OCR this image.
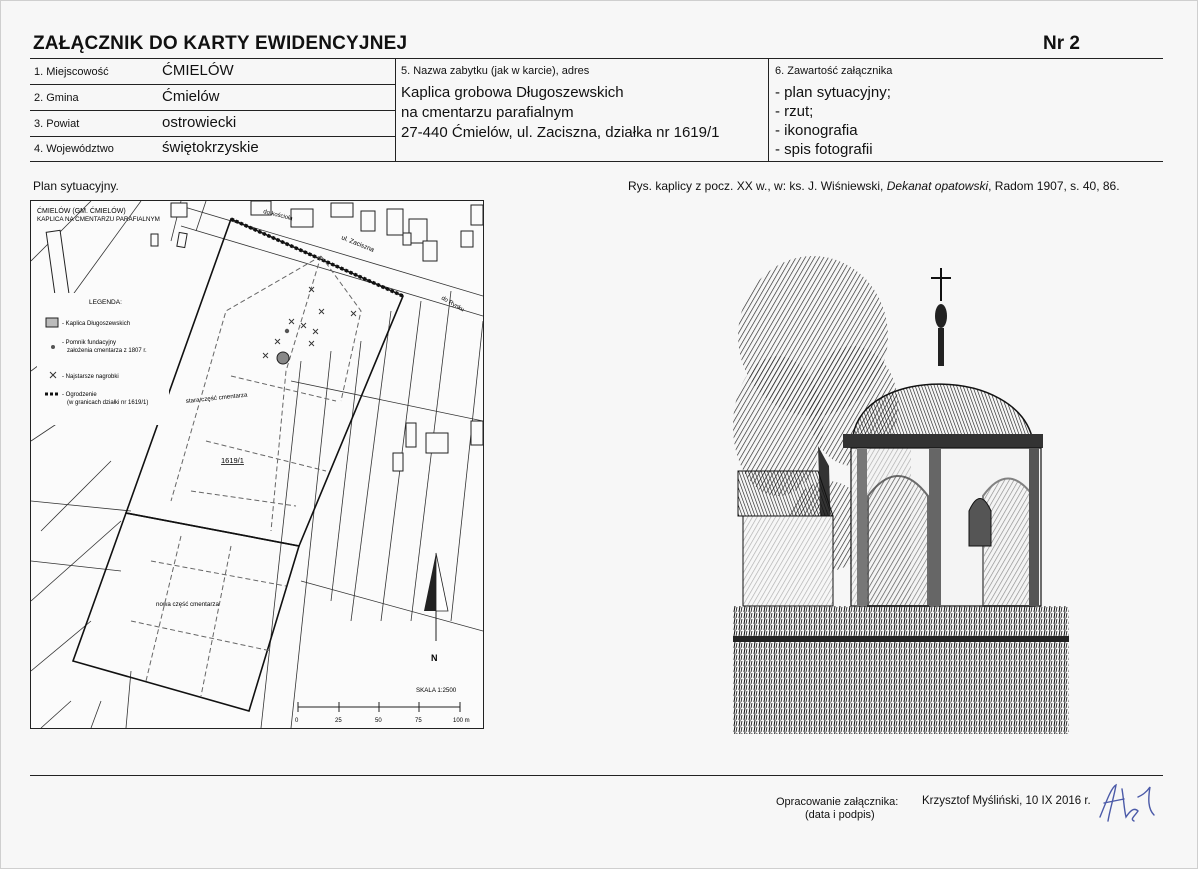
ZAŁĄCZNIK DO KARTY EWIDENCYJNEJ	Nr 2
1. Miejscowość	ĆMIELÓW
2. Gmina	Ćmielów
3. Powiat	ostrowiecki
4. Województwo	świętokrzyskie
5. Nazwa zabytku (jak w karcie), adres
Kaplica grobowa Długoszewskich
na cmentarzu parafialnym
27-440 Ćmielów, ul. Zaciszna, działka nr 1619/1
6. Zawartość załącznika
- plan sytuacyjny;
- rzut;
- ikonografia
- spis fotografii
Plan sytuacyjny.	Rys. kaplicy z pocz. XX w., w: ks. J. Wiśniewski, Dekanat opatowski, Radom 1907, s. 40, 86.
ĆMIELÓW (GM. ĆMIELÓW)
KAPLICA NA CMENTARZU PARAFIALNYM	do kościoła
ul. Zaciszna
do Rynku
LEGENDA:
- Kaplica Długoszewskich
- Pomnik fundacyjny
założenia cmentarza z 1807 r.
- Najstarsze nagrobki
- Ogrodzenie
(w granicach działki nr 1619/1)	stara część cmentarza
1619/1
nowa część cmentarza
N
SKALA 1:2500
0	25	50	75	100 m
Opracowanie załącznika:
(data i podpis)
Krzysztof Myśliński, 10 IX 2016 r.
